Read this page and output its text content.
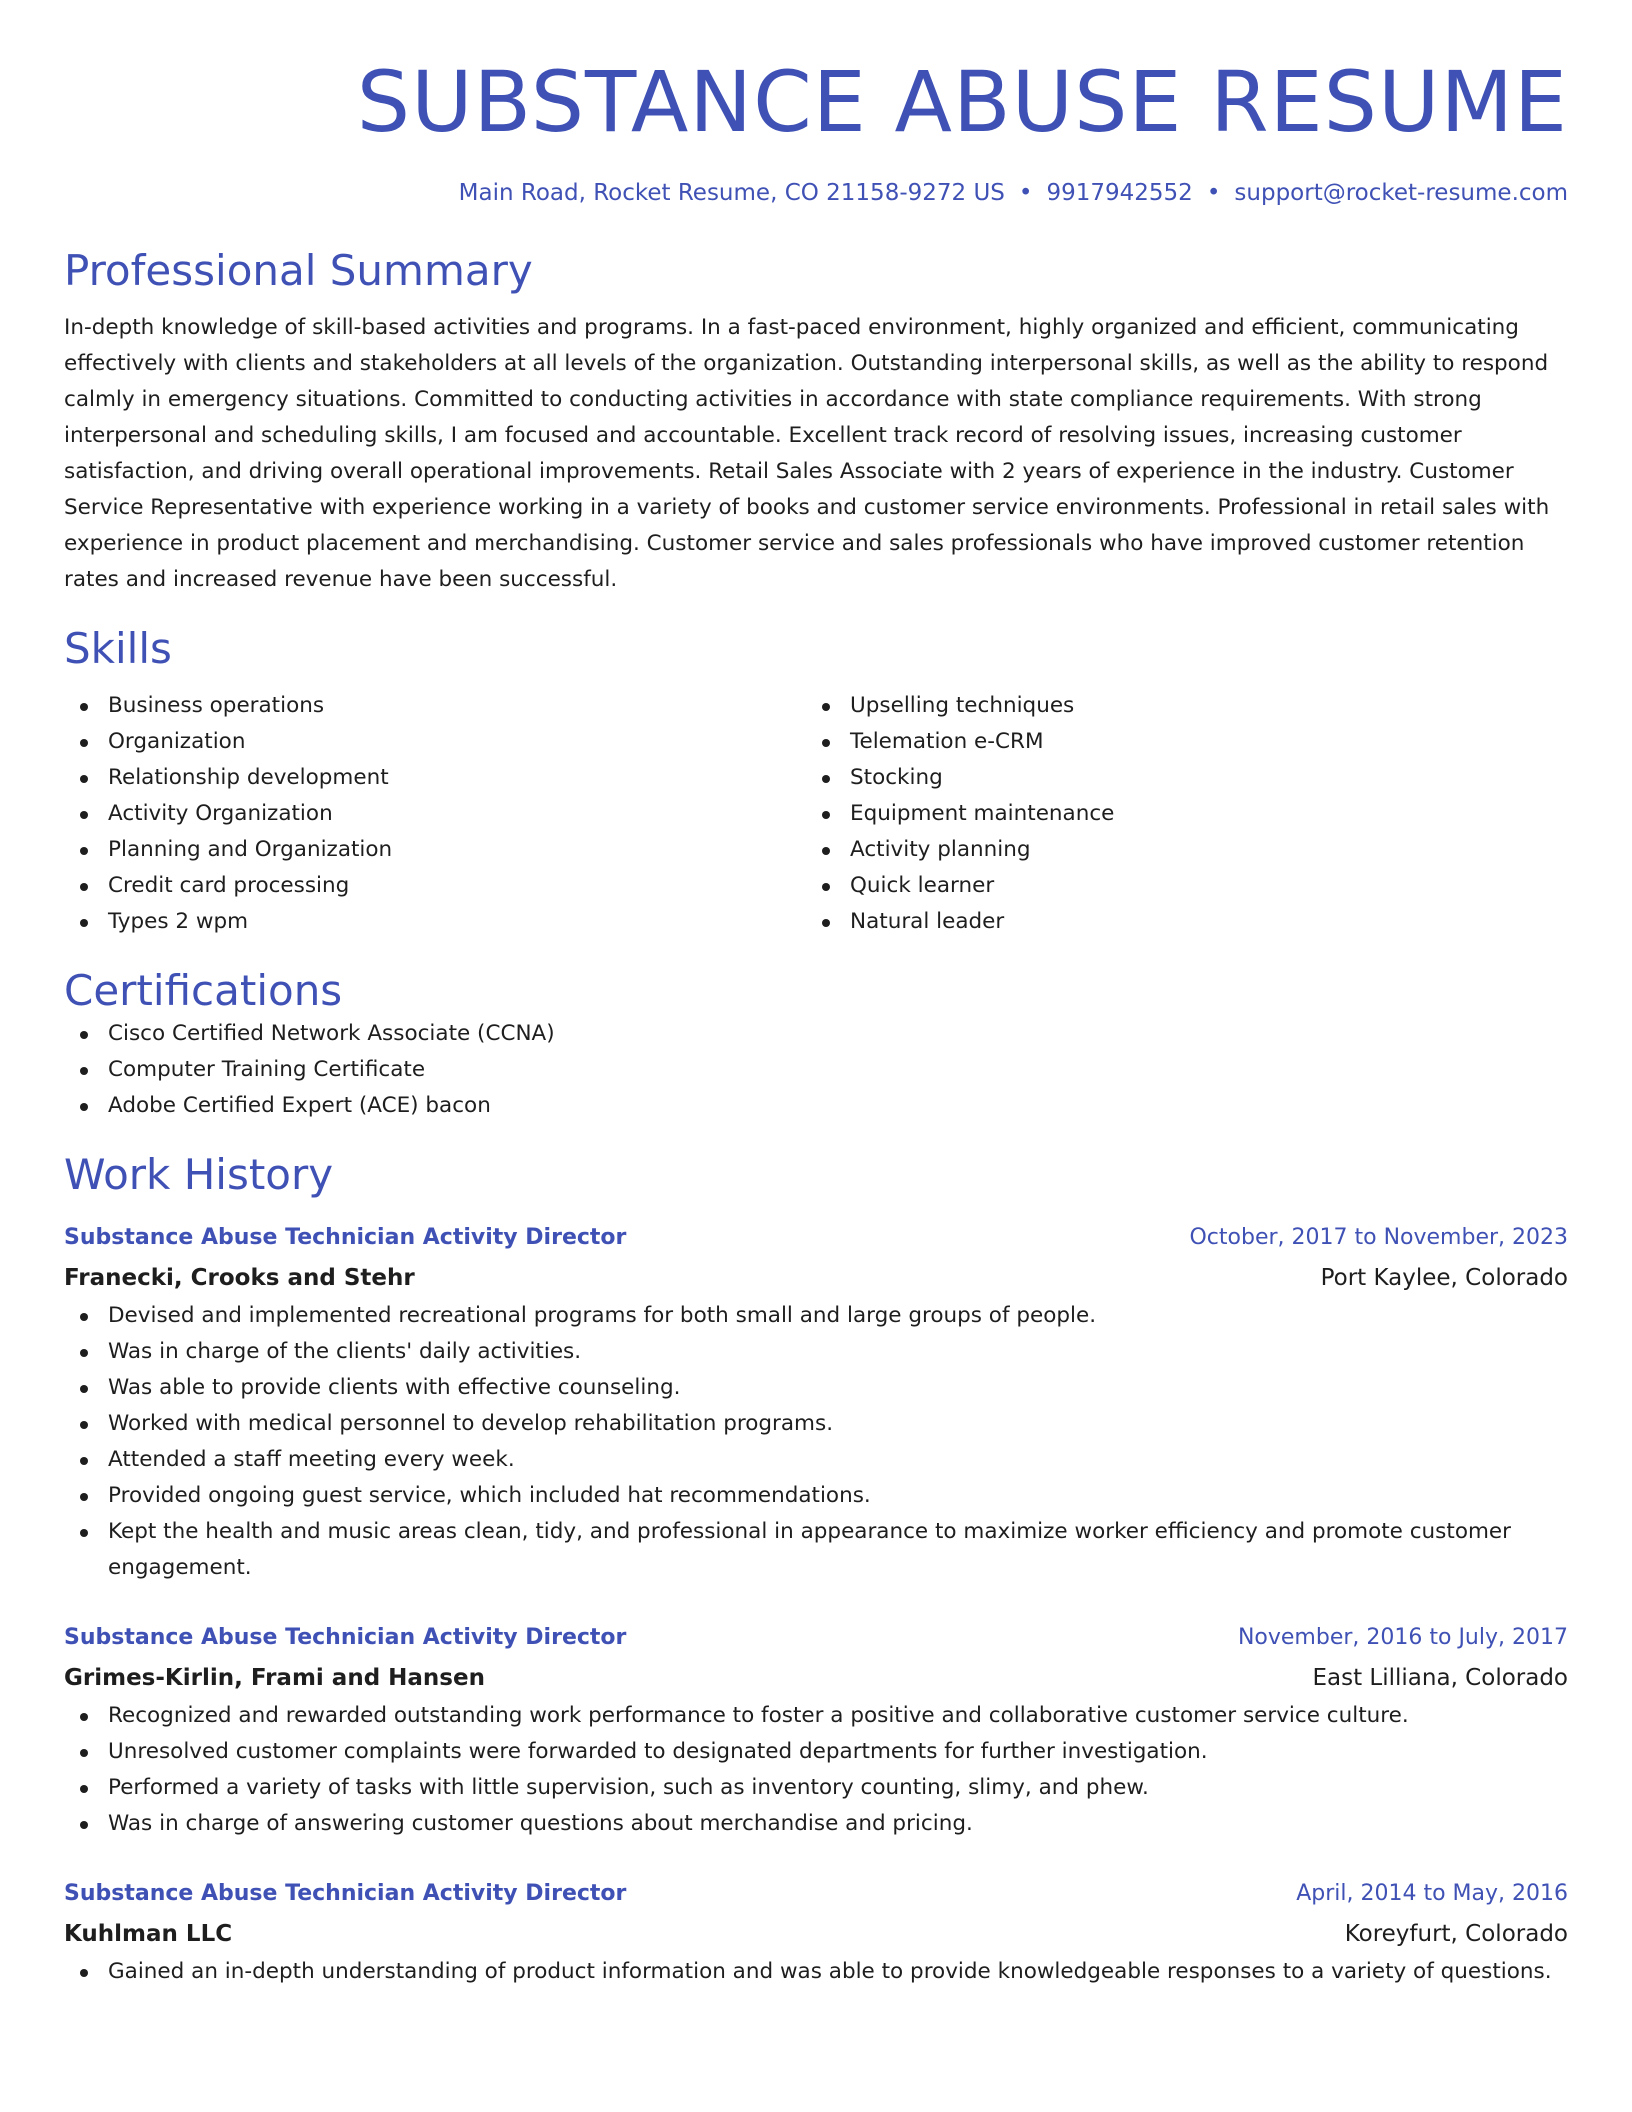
SUBSTANCE ABUSE RESUME
Main Road, Rocket Resume, CO 21158-9272 US • 9917942552 • support@rocket-resume.com
Professional Summary

In-depth knowledge of skill-based activities and programs. In a fast-paced environment, highly organized and efficient, communicating effectively with clients and stakeholders at all levels of the organization. Outstanding interpersonal skills, as well as the ability to respond calmly in emergency situations. Committed to conducting activities in accordance with state compliance requirements. With strong interpersonal and scheduling skills, I am focused and accountable. Excellent track record of resolving issues, increasing customer satisfaction, and driving overall operational improvements. Retail Sales Associate with 2 years of experience in the industry. Customer Service Representative with experience working in a variety of books and customer service environments. Professional in retail sales with experience in product placement and merchandising. Customer service and sales professionals who have improved customer retention rates and increased revenue have been successful.

Skills
Business operations
Organization
Relationship development
Activity Organization
Planning and Organization
Credit card processing
Types 2 wpm
Upselling techniques
Telemation e-CRM
Stocking
Equipment maintenance
Activity planning
Quick learner
Natural leader
Certifications
Cisco Certified Network Associate (CCNA)
Computer Training Certificate
Adobe Certified Expert (ACE) bacon
Work History
Substance Abuse Technician Activity Director	October, 2017 to November, 2023
Franecki, Crooks and Stehr	Port Kaylee, Colorado
Devised and implemented recreational programs for both small and large groups of people.
Was in charge of the clients' daily activities.
Was able to provide clients with effective counseling.
Worked with medical personnel to develop rehabilitation programs.
Attended a staff meeting every week.
Provided ongoing guest service, which included hat recommendations.
Kept the health and music areas clean, tidy, and professional in appearance to maximize worker efficiency and promote customer engagement.
Substance Abuse Technician Activity Director	November, 2016 to July, 2017
Grimes-Kirlin, Frami and Hansen	East Lilliana, Colorado
Recognized and rewarded outstanding work performance to foster a positive and collaborative customer service culture.
Unresolved customer complaints were forwarded to designated departments for further investigation.
Performed a variety of tasks with little supervision, such as inventory counting, slimy, and phew.
Was in charge of answering customer questions about merchandise and pricing.
Substance Abuse Technician Activity Director	April, 2014 to May, 2016
Kuhlman LLC	Koreyfurt, Colorado
Gained an in-depth understanding of product information and was able to provide knowledgeable responses to a variety of questions.
